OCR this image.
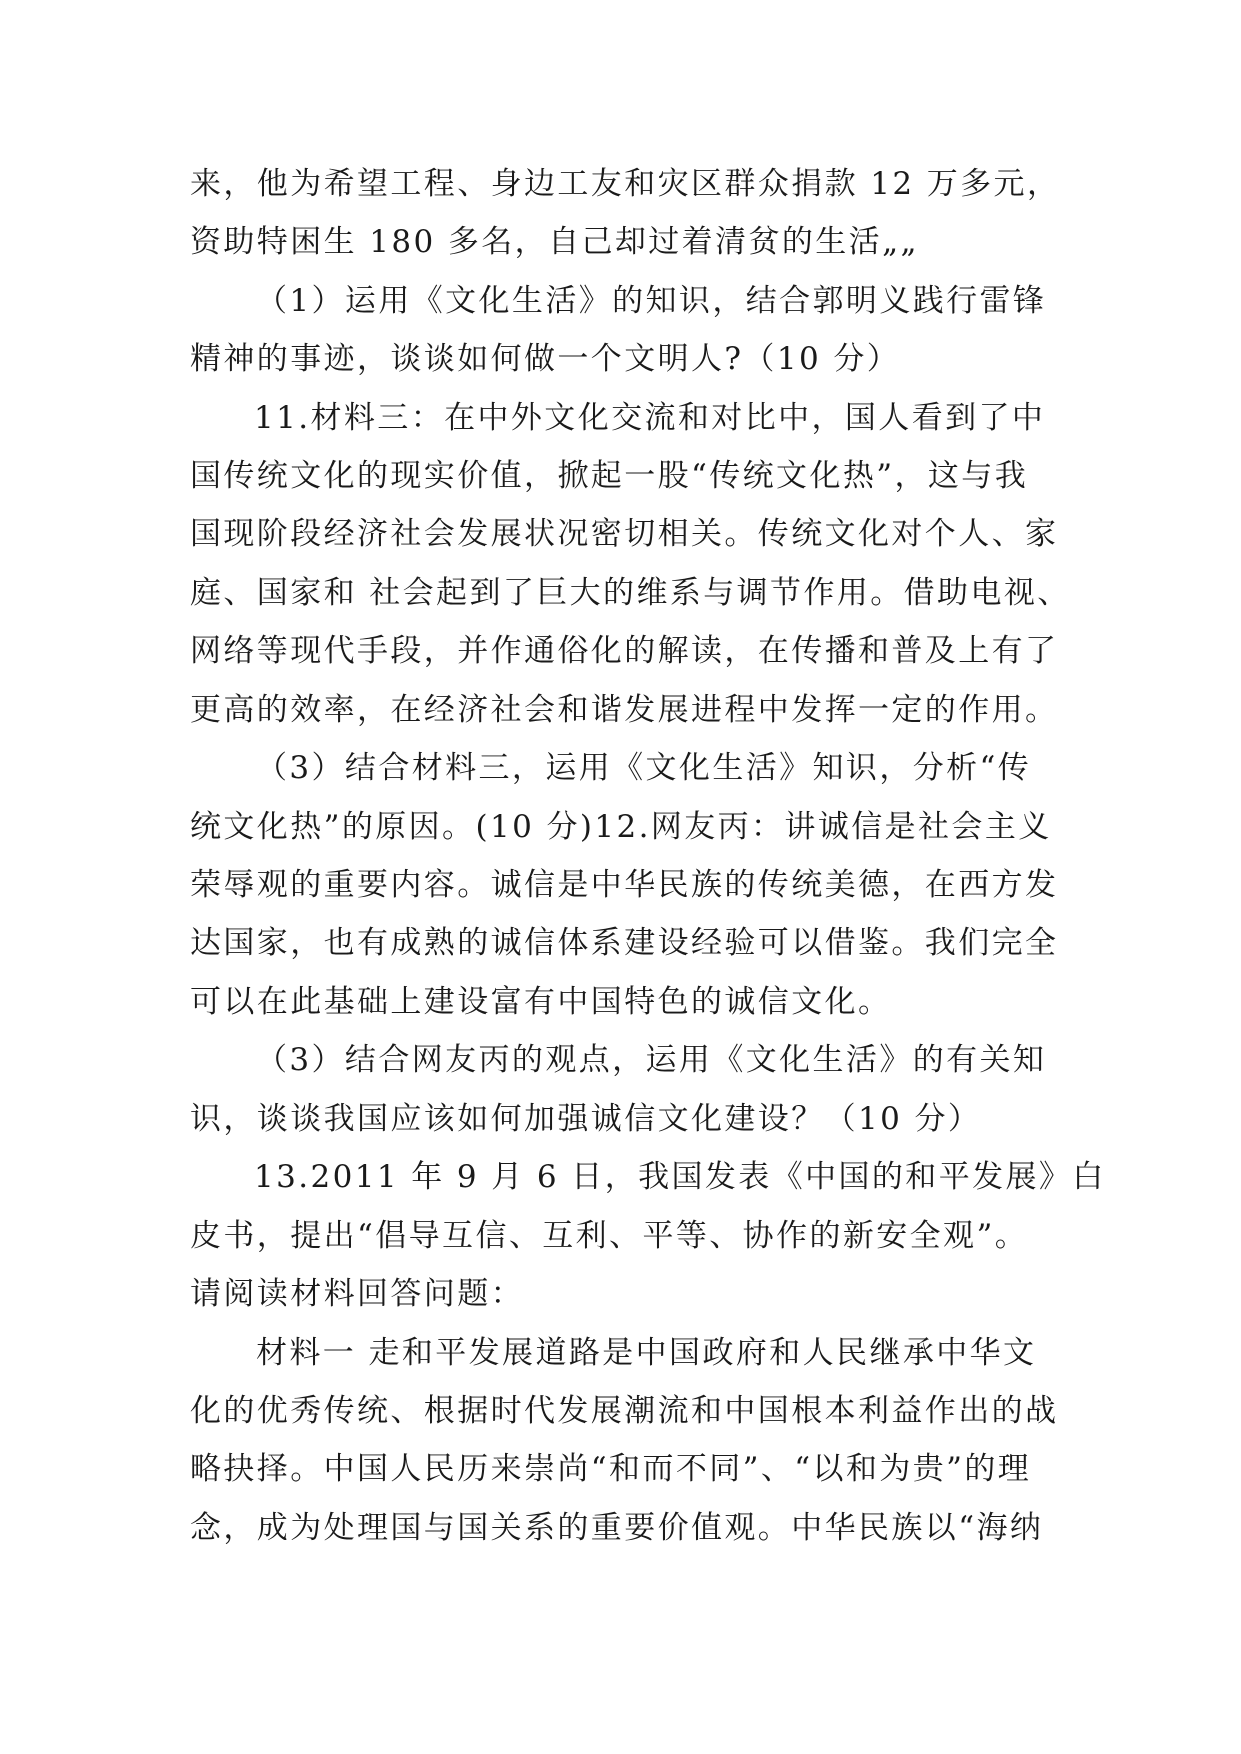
来，他为希望工程、身边工友和灾区群众捐款 12 万多元，
资助特困生 180 多名，自己却过着清贫的生活„„
（1）运用《文化生活》的知识，结合郭明义践行雷锋
精神的事迹，谈谈如何做一个文明人?（10 分）
11.材料三：在中外文化交流和对比中，国人看到了中
国传统文化的现实价值，掀起一股“传统文化热”，这与我
国现阶段经济社会发展状况密切相关。传统文化对个人、家
庭、国家和 社会起到了巨大的维系与调节作用。借助电视、
网络等现代手段，并作通俗化的解读，在传播和普及上有了
更高的效率，在经济社会和谐发展进程中发挥一定的作用。
（3）结合材料三，运用《文化生活》知识，分析“传
统文化热”的原因。(10 分)12.网友丙：讲诚信是社会主义
荣辱观的重要内容。诚信是中华民族的传统美德，在西方发
达国家，也有成熟的诚信体系建设经验可以借鉴。我们完全
可以在此基础上建设富有中国特色的诚信文化。
（3）结合网友丙的观点，运用《文化生活》的有关知
识，谈谈我国应该如何加强诚信文化建设？（10 分）
13.2011 年 9 月 6 日，我国发表《中国的和平发展》白
皮书，提出“倡导互信、互利、平等、协作的新安全观”。
请阅读材料回答问题：
材料一 走和平发展道路是中国政府和人民继承中华文
化的优秀传统、根据时代发展潮流和中国根本利益作出的战
略抉择。中国人民历来崇尚“和而不同”、“以和为贵”的理
念，成为处理国与国关系的重要价值观。中华民族以“海纳
